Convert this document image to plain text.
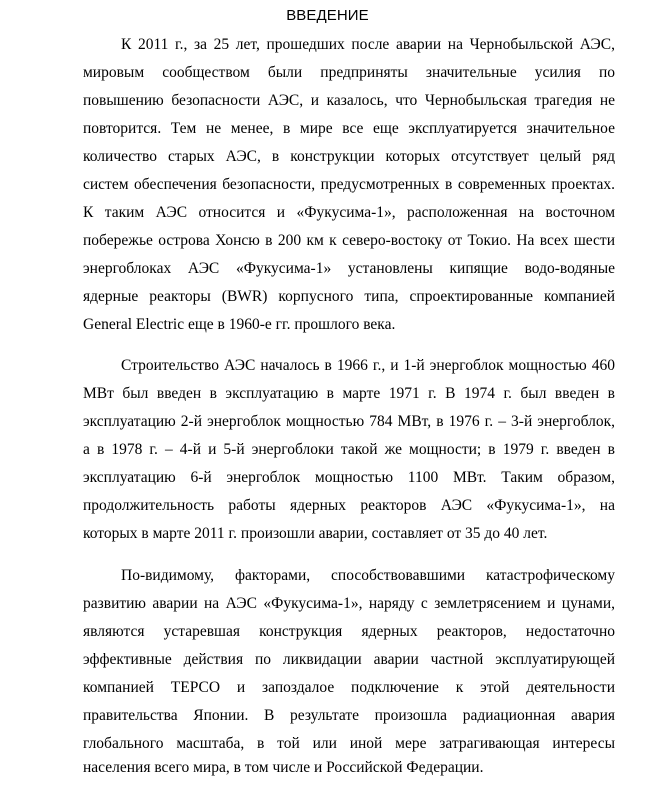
ВВЕДЕНИЕ
К 2011 г., за 25 лет, прошедших после аварии на Чернобыльской АЭС,
мировым сообществом были предприняты значительные усилия по
повышению безопасности АЭС, и казалось, что Чернобыльская трагедия не
повторится. Тем не менее, в мире все еще эксплуатируется значительное
количество старых АЭС, в конструкции которых отсутствует целый ряд
систем обеспечения безопасности, предусмотренных в современных проектах.
К таким АЭС относится и «Фукусима-1», расположенная на восточном
побережье острова Хонсю в 200 км к северо-востоку от Токио. На всех шести
энергоблоках АЭС «Фукусима-1» установлены кипящие водо-водяные
ядерные реакторы (BWR) корпусного типа, спроектированные компанией
General Electric еще в 1960-е гг. прошлого века.
Строительство АЭС началось в 1966 г., и 1-й энергоблок мощностью 460
МВт был введен в эксплуатацию в марте 1971 г. В 1974 г. был введен в
эксплуатацию 2-й энергоблок мощностью 784 МВт, в 1976 г. – 3-й энергоблок,
а в 1978 г. – 4-й и 5-й энергоблоки такой же мощности; в 1979 г. введен в
эксплуатацию 6-й энергоблок мощностью 1100 МВт. Таким образом,
продолжительность работы ядерных реакторов АЭС «Фукусима-1», на
которых в марте 2011 г. произошли аварии, составляет от 35 до 40 лет.
По-видимому, факторами, способствовавшими катастрофическому
развитию аварии на АЭС «Фукусима-1», наряду с землетрясением и цунами,
являются устаревшая конструкция ядерных реакторов, недостаточно
эффективные действия по ликвидации аварии частной эксплуатирующей
компанией ТЕРСО и запоздалое подключение к этой деятельности
правительства Японии. В результате произошла радиационная авария
глобального масштаба, в той или иной мере затрагивающая интересы
населения всего мира, в том числе и Российской Федерации.
